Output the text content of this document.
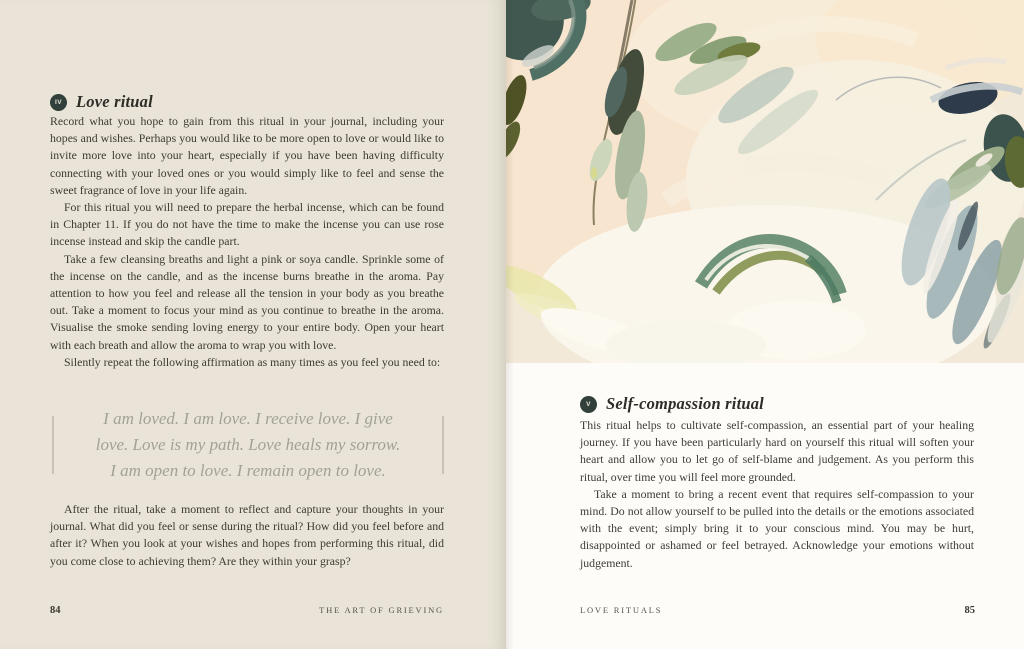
IV Love ritual

Record what you hope to gain from this ritual in your journal, including your hopes and wishes. Perhaps you would like to be more open to love or would like to invite more love into your heart, especially if you have been having difficulty connecting with your loved ones or you would simply like to feel and sense the sweet fragrance of love in your life again.

For this ritual you will need to prepare the herbal incense, which can be found in Chapter 11. If you do not have the time to make the incense you can use rose incense instead and skip the candle part.

Take a few cleansing breaths and light a pink or soya candle. Sprinkle some of the incense on the candle, and as the incense burns breathe in the aroma. Pay attention to how you feel and release all the tension in your body as you breathe out. Take a moment to focus your mind as you continue to breathe in the aroma. Visualise the smoke sending loving energy to your entire body. Open your heart with each breath and allow the aroma to wrap you with love.

Silently repeat the following affirmation as many times as you feel you need to:

I am loved. I am love. I receive love. I give
love. Love is my path. Love heals my sorrow.
I am open to love. I remain open to love.

After the ritual, take a moment to reflect and capture your thoughts in your journal. What did you feel or sense during the ritual? How did you feel before and after it? When you look at your wishes and hopes from performing this ritual, did you come close to achieving them? Are they within your grasp?

84	THE ART OF GRIEVING
V Self-compassion ritual

This ritual helps to cultivate self-compassion, an essential part of your healing journey. If you have been particularly hard on yourself this ritual will soften your heart and allow you to let go of self-blame and judgement. As you perform this ritual, over time you will feel more grounded.

Take a moment to bring a recent event that requires self-compassion to your mind. Do not allow yourself to be pulled into the details or the emotions associated with the event; simply bring it to your conscious mind. You may be hurt, disappointed or ashamed or feel betrayed. Acknowledge your emotions without judgement.

LOVE RITUALS	85
